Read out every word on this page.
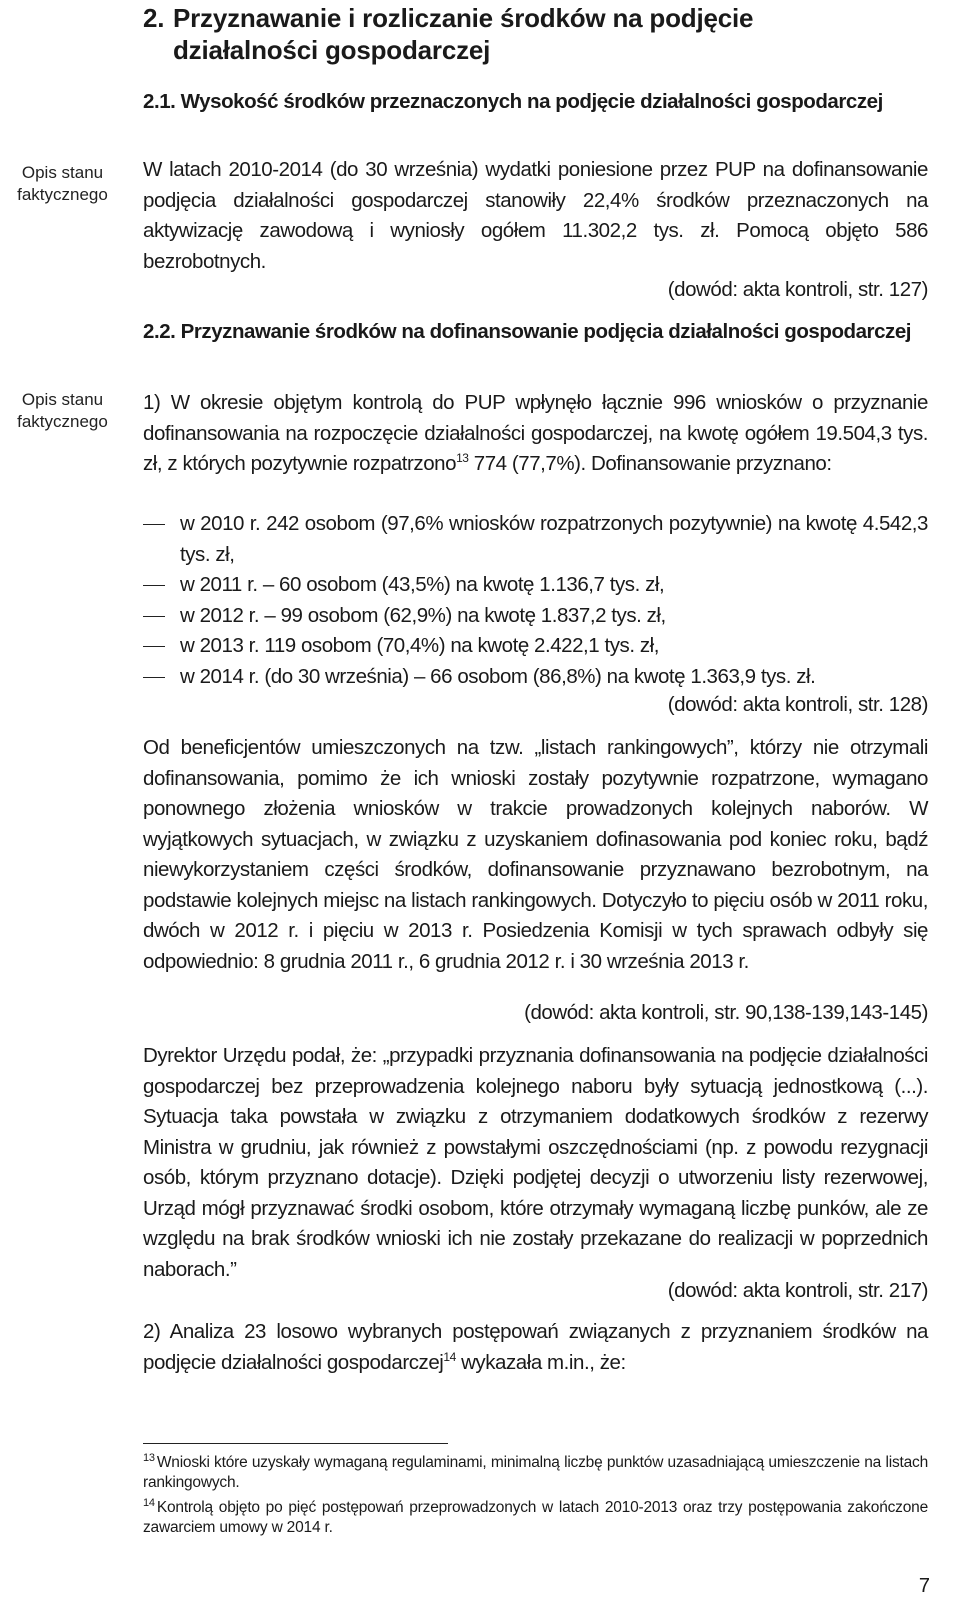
2. Przyznawanie i rozliczanie środków na podjęcie
działalności gospodarczej
Opis stanu faktycznego
Opis stanu faktycznego
2.1. Wysokość środków przeznaczonych na podjęcie działalności gospodarczej
W latach 2010-2014 (do 30 września) wydatki poniesione przez PUP na dofinansowanie podjęcia działalności gospodarczej stanowiły 22,4% środków przeznaczonych na aktywizację zawodową i wyniosły ogółem 11.302,2 tys. zł. Pomocą objęto 586 bezrobotnych.
(dowód: akta kontroli, str. 127)
2.2. Przyznawanie środków na dofinansowanie podjęcia działalności gospodarczej
1) W okresie objętym kontrolą do PUP wpłynęło łącznie 996 wniosków o przyznanie dofinansowania na rozpoczęcie działalności gospodarczej, na kwotę ogółem 19.504,3 tys. zł, z których pozytywnie rozpatrzono$^{13}$ 774 (77,7%). Dofinansowanie przyznano:
w 2010 r. 242 osobom (97,6% wniosków rozpatrzonych pozytywnie) na kwotę 4.542,3 tys. zł,
w 2011 r. – 60 osobom (43,5%) na kwotę 1.136,7 tys. zł,
w 2012 r. – 99 osobom (62,9%) na kwotę 1.837,2 tys. zł,
w 2013 r. 119 osobom (70,4%) na kwotę 2.422,1 tys. zł,
w 2014 r. (do 30 września) – 66 osobom (86,8%) na kwotę 1.363,9 tys. zł.
(dowód: akta kontroli, str. 128)
Od beneficjentów umieszczonych na tzw. „listach rankingowych”, którzy nie otrzymali dofinansowania, pomimo że ich wnioski zostały pozytywnie rozpatrzone, wymagano ponownego złożenia wniosków w trakcie prowadzonych kolejnych naborów. W wyjątkowych sytuacjach, w związku z uzyskaniem dofinasowania pod koniec roku, bądź niewykorzystaniem części środków, dofinansowanie przyznawano bezrobotnym, na podstawie kolejnych miejsc na listach rankingowych. Dotyczyło to pięciu osób w 2011 roku, dwóch w 2012 r. i pięciu w 2013 r. Posiedzenia Komisji w tych sprawach odbyły się odpowiednio: 8 grudnia 2011 r., 6 grudnia 2012 r. i 30 września 2013 r.
(dowód: akta kontroli, str. 90,138-139,143-145)
Dyrektor Urzędu podał, że: „przypadki przyznania dofinansowania na podjęcie działalności gospodarczej bez przeprowadzenia kolejnego naboru były sytuacją jednostkową (...). Sytuacja taka powstała w związku z otrzymaniem dodatkowych środków z rezerwy Ministra w grudniu, jak również z powstałymi oszczędnościami (np. z powodu rezygnacji osób, którym przyznano dotacje). Dzięki podjętej decyzji o utworzeniu listy rezerwowej, Urząd mógł przyznawać środki osobom, które otrzymały wymaganą liczbę punków, ale ze względu na brak środków wnioski ich nie zostały przekazane do realizacji w poprzednich naborach.”
(dowód: akta kontroli, str. 217)
2) Analiza 23 losowo wybranych postępowań związanych z przyznaniem środków na podjęcie działalności gospodarczej$^{14}$ wykazała m.in., że:
$^{13}$ Wnioski które uzyskały wymaganą regulaminami, minimalną liczbę punktów uzasadniającą umieszczenie na listach rankingowych.
$^{14}$ Kontrolą objęto po pięć postępowań przeprowadzonych w latach 2010-2013 oraz trzy postępowania zakończone zawarciem umowy w 2014 r.
7
